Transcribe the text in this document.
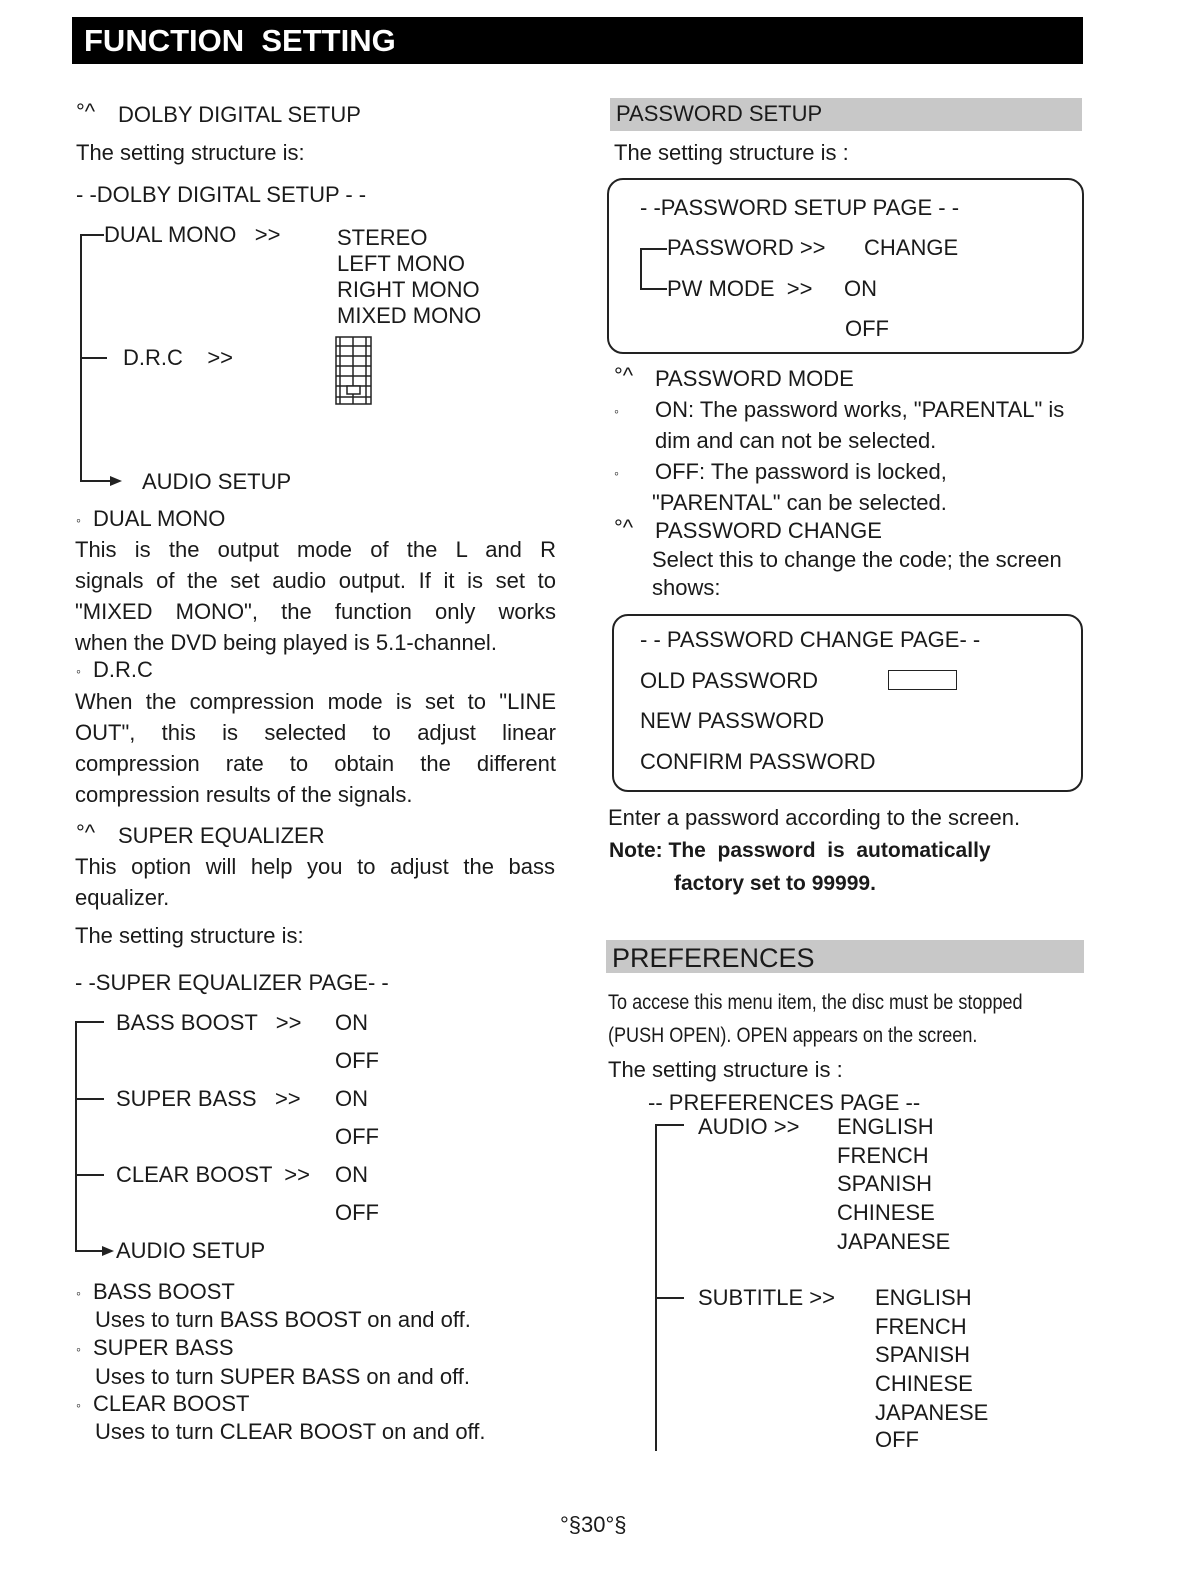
FUNCTION  SETTING
°^ DOLBY DIGITAL SETUP
The setting structure is:
- -DOLBY DIGITAL SETUP - -
DUAL MONO   >>	STEREO
LEFT MONO
RIGHT MONO
MIXED MONO
D.R.C    >>
AUDIO SETUP
◦ DUAL MONO
This is the output mode of the L and R
signals of the set audio output. If it is set to
"MIXED MONO", the function only works
when the DVD being played is 5.1-channel.
◦ D.R.C
When the compression mode is set to "LINE
OUT", this is selected to adjust linear
compression rate to obtain the different
compression results of the signals.
°^ SUPER EQUALIZER
This option will help you to adjust the bass
equalizer.
The setting structure is:
- -SUPER EQUALIZER PAGE- -
BASS BOOST   >> ON
OFF
SUPER BASS   >> ON
OFF
CLEAR BOOST  >> ON
OFF
AUDIO SETUP
◦ BASS BOOST
Uses to turn BASS BOOST on and off.
◦ SUPER BASS
Uses to turn SUPER BASS on and off.
◦ CLEAR BOOST
Uses to turn CLEAR BOOST on and off.
PASSWORD SETUP
The setting structure is :
- -PASSWORD SETUP PAGE - -
PASSWORD >> CHANGE
PW MODE  >> ON
OFF
°^ PASSWORD MODE
◦ ON: The password works, "PARENTAL" is
dim and can not be selected.
◦ OFF: The password is locked,
"PARENTAL" can be selected.
°^ PASSWORD CHANGE
Select this to change the code; the screen
shows:
- - PASSWORD CHANGE PAGE- -
OLD PASSWORD
NEW PASSWORD
CONFIRM PASSWORD
Enter a password according to the screen.
Note: The  password  is  automatically
factory set to 99999.
PREFERENCES
To accese this menu item, the disc must be stopped
(PUSH OPEN). OPEN appears on the screen.
The setting structure is :
-- PREFERENCES PAGE --
AUDIO >> ENGLISH
FRENCH
SPANISH
CHINESE
JAPANESE
SUBTITLE >> ENGLISH
FRENCH
SPANISH
CHINESE
JAPANESE
OFF
°§30°§
